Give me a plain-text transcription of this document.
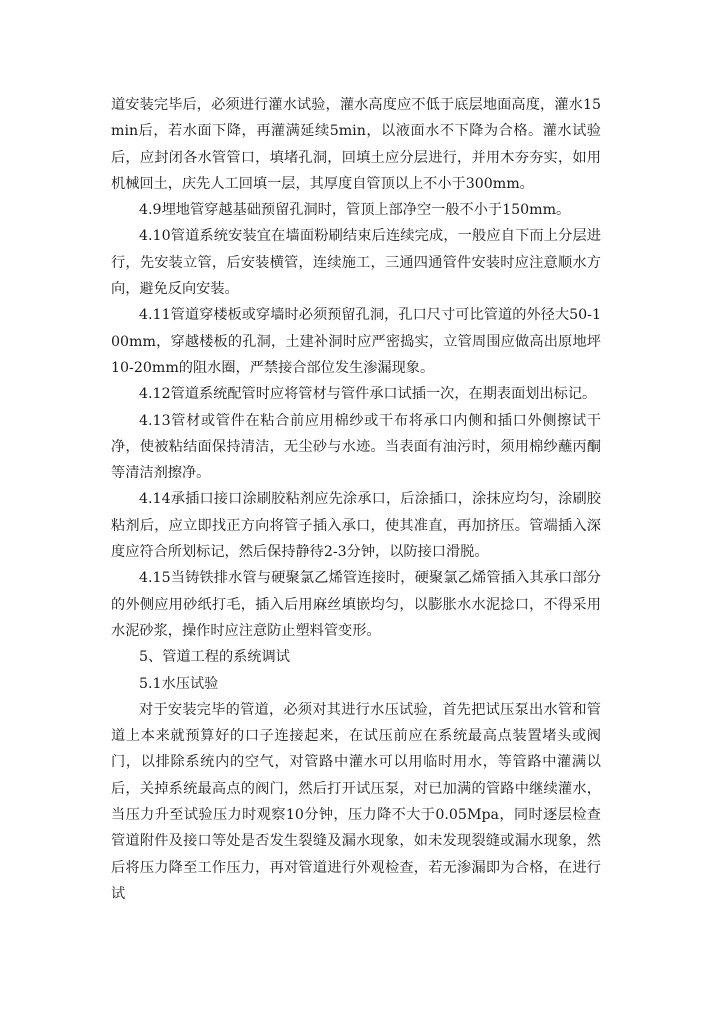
道安装完毕后，必须进行灌水试验，灌水高度应不低于底层地面高度，灌水15min后，若水面下降，再灌满延续5min，以液面水不下降为合格。灌水试验后，应封闭各水管管口，填堵孔洞，回填土应分层进行，并用木夯夯实，如用机械回土，庆先人工回填一层，其厚度自管顶以上不小于300mm。

4.9埋地管穿越基础预留孔洞时，管顶上部净空一般不小于150mm。

4.10管道系统安装宜在墙面粉刷结束后连续完成，一般应自下而上分层进行，先安装立管，后安装横管，连续施工，三通四通管件安装时应注意顺水方向，避免反向安装。

4.11管道穿楼板或穿墙时必须预留孔洞，孔口尺寸可比管道的外径大50-100mm，穿越楼板的孔洞，土建补洞时应严密捣实，立管周围应做高出原地坪10-20mm的阻水圈，严禁接合部位发生渗漏现象。

4.12管道系统配管时应将管材与管件承口试插一次，在期表面划出标记。

4.13管材或管件在粘合前应用棉纱或干布将承口内侧和插口外侧擦试干净，使被粘结面保持清洁，无尘砂与水迹。当表面有油污时，须用棉纱蘸丙酮等清洁剂擦净。

4.14承插口接口涂刷胶粘剂应先涂承口，后涂插口，涂抹应均匀，涂刷胶粘剂后，应立即找正方向将管子插入承口，使其准直，再加挤压。管端插入深度应符合所划标记，然后保持静待2-3分钟，以防接口滑脱。

4.15当铸铁排水管与硬聚氯乙烯管连接时，硬聚氯乙烯管插入其承口部分的外侧应用砂纸打毛，插入后用麻丝填嵌均匀，以膨胀水水泥捻口，不得采用水泥砂浆，操作时应注意防止塑料管变形。

5、管道工程的系统调试

5.1水压试验

对于安装完毕的管道，必须对其进行水压试验，首先把试压泵出水管和管道上本来就预算好的口子连接起来，在试压前应在系统最高点装置堵头或阀门，以排除系统内的空气，对管路中灌水可以用临时用水，等管路中灌满以后，关掉系统最高点的阀门，然后打开试压泵，对已加满的管路中继续灌水，当压力升至试验压力时观察10分钟，压力降不大于0.05Mpa，同时逐层检查管道附件及接口等处是否发生裂缝及漏水现象，如未发现裂缝或漏水现象，然后将压力降至工作压力，再对管道进行外观检查，若无渗漏即为合格，在进行试
